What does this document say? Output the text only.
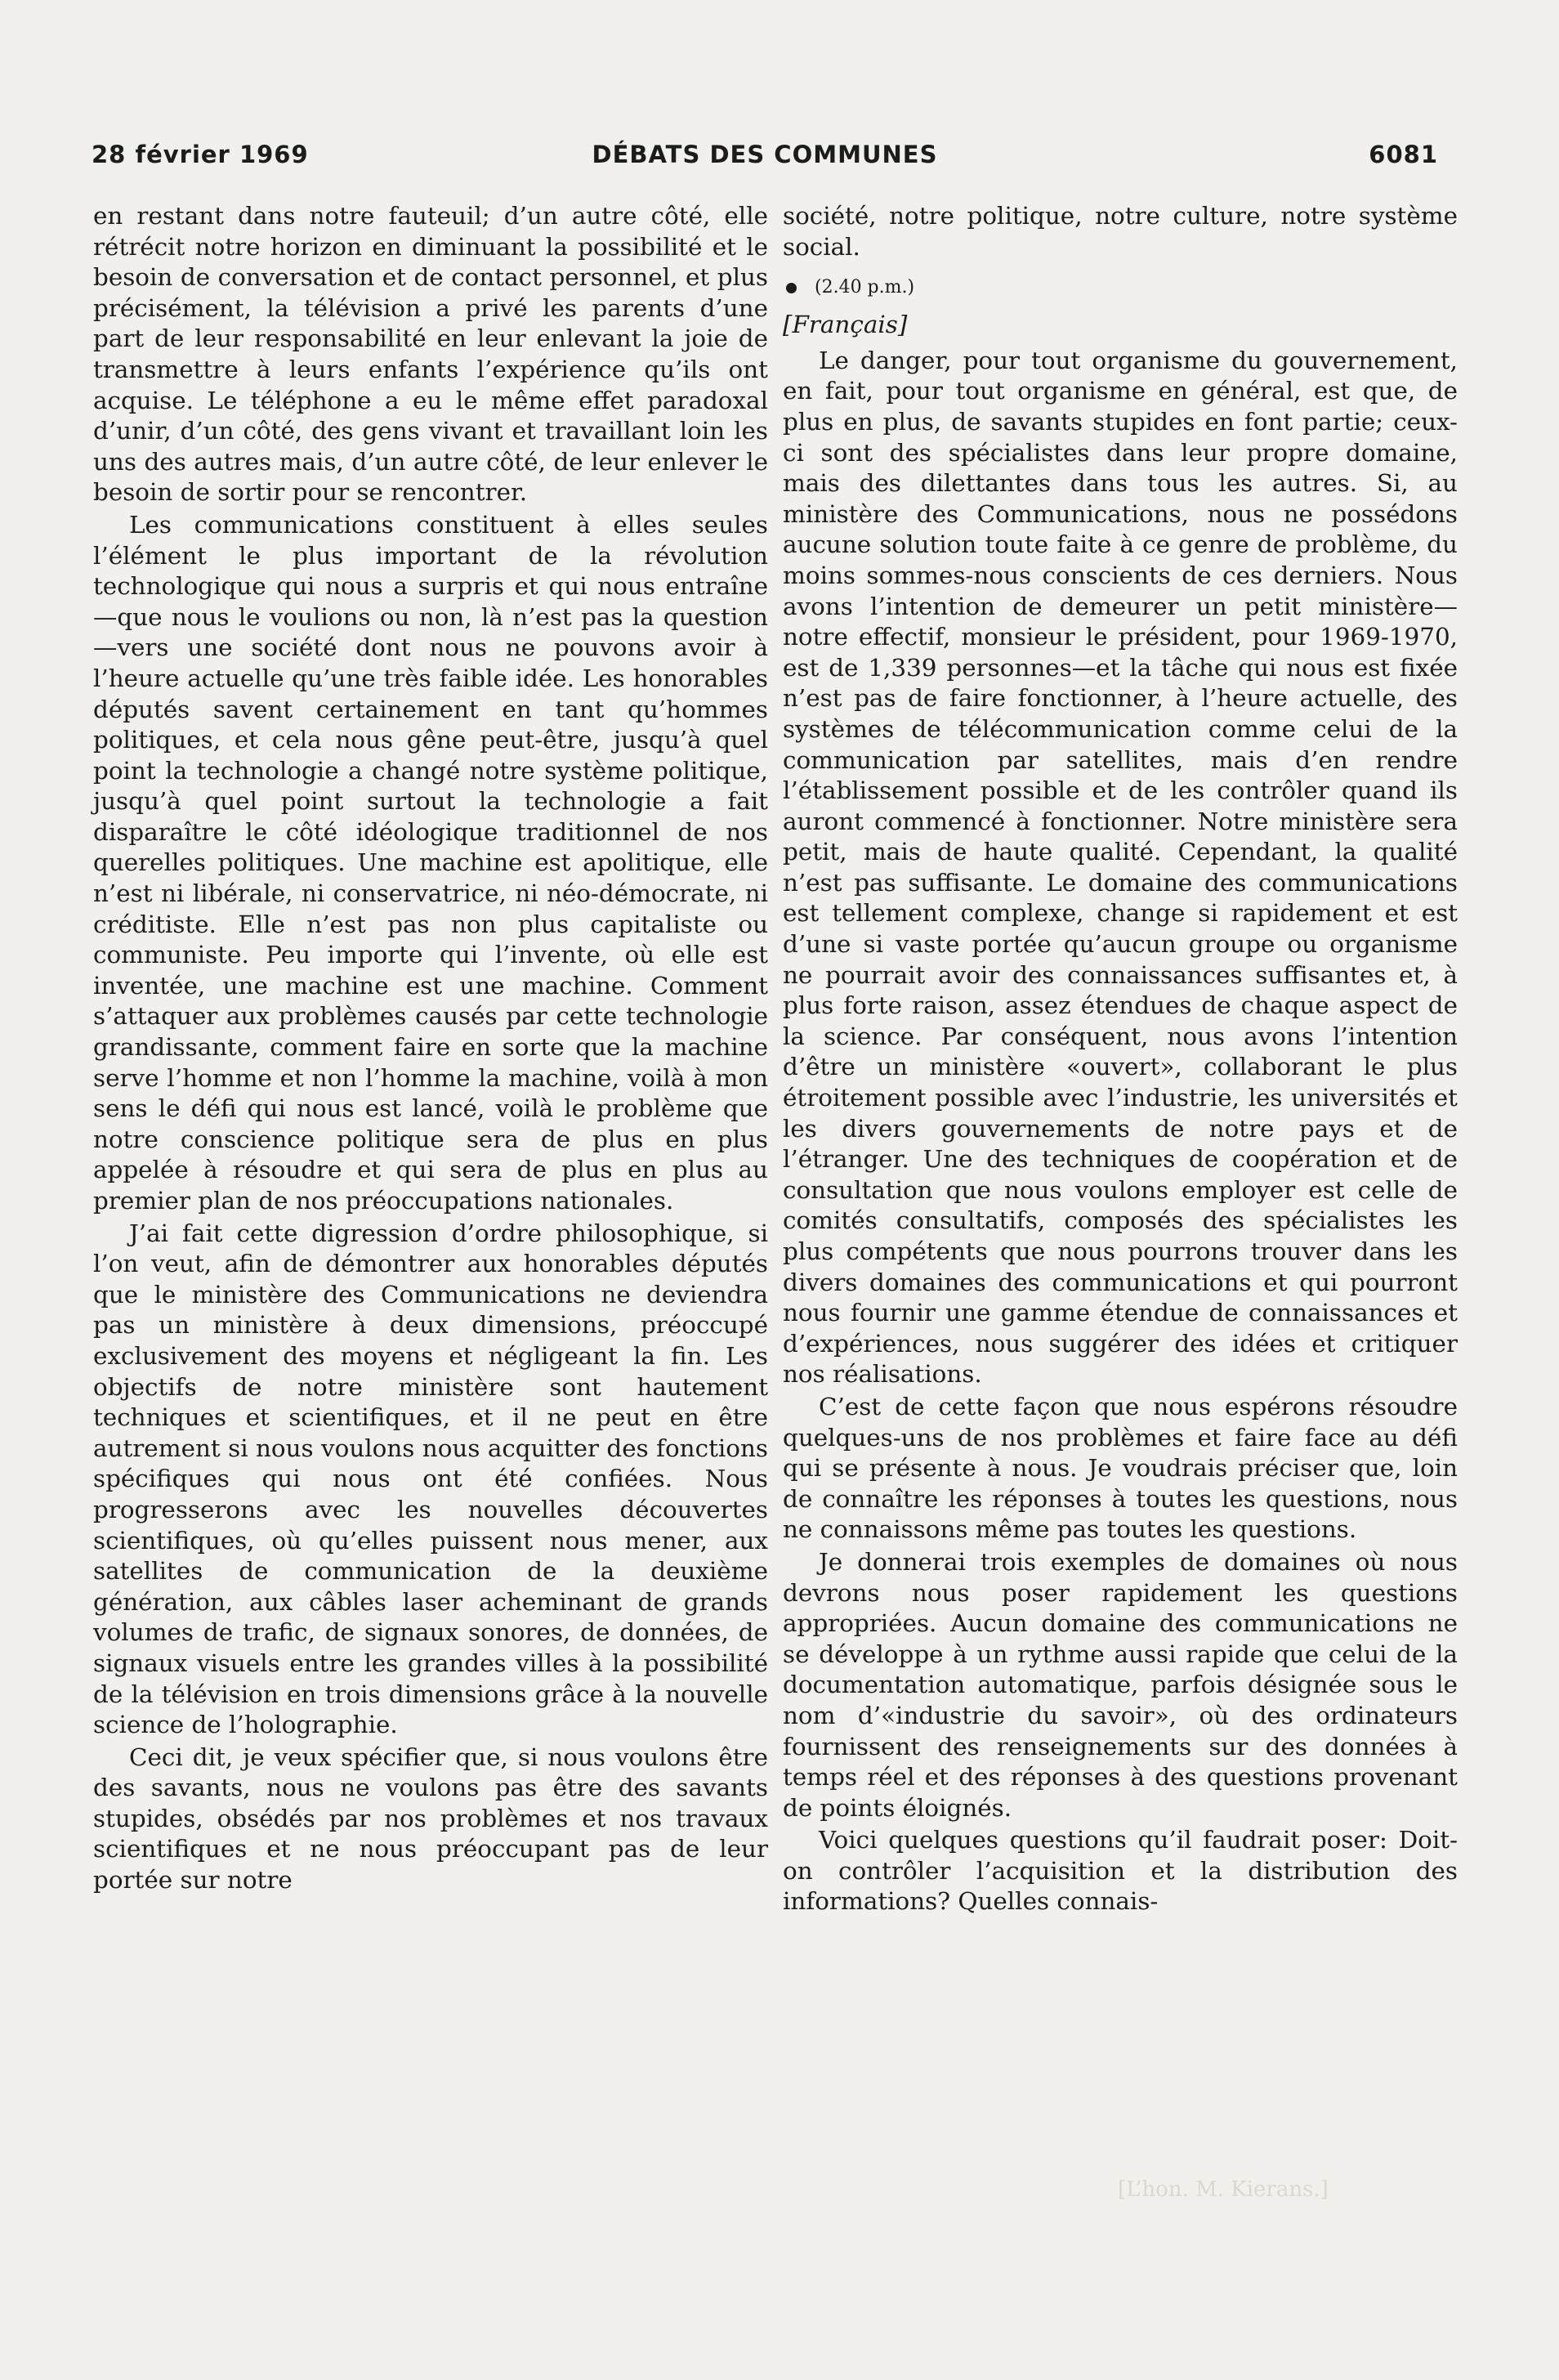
28 février 1969	DÉBATS DES COMMUNES	6081

en restant dans notre fauteuil; d’un autre côté, elle rétrécit notre horizon en diminuant la possibilité et le besoin de conversation et de contact personnel, et plus précisément, la télévision a privé les parents d’une part de leur responsabilité en leur enlevant la joie de transmettre à leurs enfants l’expérience qu’ils ont acquise. Le téléphone a eu le même effet paradoxal d’unir, d’un côté, des gens vivant et travaillant loin les uns des autres mais, d’un autre côté, de leur enlever le besoin de sortir pour se rencontrer.

Les communications constituent à elles seules l’élément le plus important de la révolution technologique qui nous a surpris et qui nous entraîne—que nous le voulions ou non, là n’est pas la question—vers une société dont nous ne pouvons avoir à l’heure actuelle qu’une très faible idée. Les honorables députés savent certainement en tant qu’hommes politiques, et cela nous gêne peut-être, jusqu’à quel point la technologie a changé notre système politique, jusqu’à quel point surtout la technologie a fait disparaître le côté idéologique traditionnel de nos querelles politiques. Une machine est apolitique, elle n’est ni libérale, ni conservatrice, ni néo-démocrate, ni créditiste. Elle n’est pas non plus capitaliste ou communiste. Peu importe qui l’invente, où elle est inventée, une machine est une machine. Comment s’attaquer aux problèmes causés par cette technologie grandissante, comment faire en sorte que la machine serve l’homme et non l’homme la machine, voilà à mon sens le défi qui nous est lancé, voilà le problème que notre conscience politique sera de plus en plus appelée à résoudre et qui sera de plus en plus au premier plan de nos préoccupations nationales.

J’ai fait cette digression d’ordre philosophique, si l’on veut, afin de démontrer aux honorables députés que le ministère des Communications ne deviendra pas un ministère à deux dimensions, préoccupé exclusivement des moyens et négligeant la fin. Les objectifs de notre ministère sont hautement techniques et scientifiques, et il ne peut en être autrement si nous voulons nous acquitter des fonctions spécifiques qui nous ont été confiées. Nous progresserons avec les nouvelles découvertes scientifiques, où qu’elles puissent nous mener, aux satellites de communication de la deuxième génération, aux câbles laser acheminant de grands volumes de trafic, de signaux sonores, de données, de signaux visuels entre les grandes villes à la possibilité de la télévision en trois dimensions grâce à la nouvelle science de l’holographie.

Ceci dit, je veux spécifier que, si nous voulons être des savants, nous ne voulons pas être des savants stupides, obsédés par nos problèmes et nos travaux scientifiques et ne nous préoccupant pas de leur portée sur notre

société, notre politique, notre culture, notre système social.

(2.40 p.m.)
[Français]

Le danger, pour tout organisme du gouvernement, en fait, pour tout organisme en général, est que, de plus en plus, de savants stupides en font partie; ceux-ci sont des spécialistes dans leur propre domaine, mais des dilettantes dans tous les autres. Si, au ministère des Communications, nous ne possédons aucune solution toute faite à ce genre de problème, du moins sommes-nous conscients de ces derniers. Nous avons l’intention de demeurer un petit ministère—notre effectif, monsieur le président, pour 1969-1970, est de 1,339 personnes—et la tâche qui nous est fixée n’est pas de faire fonctionner, à l’heure actuelle, des systèmes de télécommunication comme celui de la communication par satellites, mais d’en rendre l’établissement possible et de les contrôler quand ils auront commencé à fonctionner. Notre ministère sera petit, mais de haute qualité. Cependant, la qualité n’est pas suffisante. Le domaine des communications est tellement complexe, change si rapidement et est d’une si vaste portée qu’aucun groupe ou organisme ne pourrait avoir des connaissances suffisantes et, à plus forte raison, assez étendues de chaque aspect de la science. Par conséquent, nous avons l’intention d’être un ministère «ouvert», collaborant le plus étroitement possible avec l’industrie, les universités et les divers gouvernements de notre pays et de l’étranger. Une des techniques de coopération et de consultation que nous voulons employer est celle de comités consultatifs, composés des spécialistes les plus compétents que nous pourrons trouver dans les divers domaines des communications et qui pourront nous fournir une gamme étendue de connaissances et d’expériences, nous suggérer des idées et critiquer nos réalisations.

C’est de cette façon que nous espérons résoudre quelques-uns de nos problèmes et faire face au défi qui se présente à nous. Je voudrais préciser que, loin de connaître les réponses à toutes les questions, nous ne connaissons même pas toutes les questions.

Je donnerai trois exemples de domaines où nous devrons nous poser rapidement les questions appropriées. Aucun domaine des communications ne se développe à un rythme aussi rapide que celui de la documentation automatique, parfois désignée sous le nom d’«industrie du savoir», où des ordinateurs fournissent des renseignements sur des données à temps réel et des réponses à des questions provenant de points éloignés.

Voici quelques questions qu’il faudrait poser: Doit-on contrôler l’acquisition et la distribution des informations? Quelles connais-

[L’hon. M. Kierans.]
